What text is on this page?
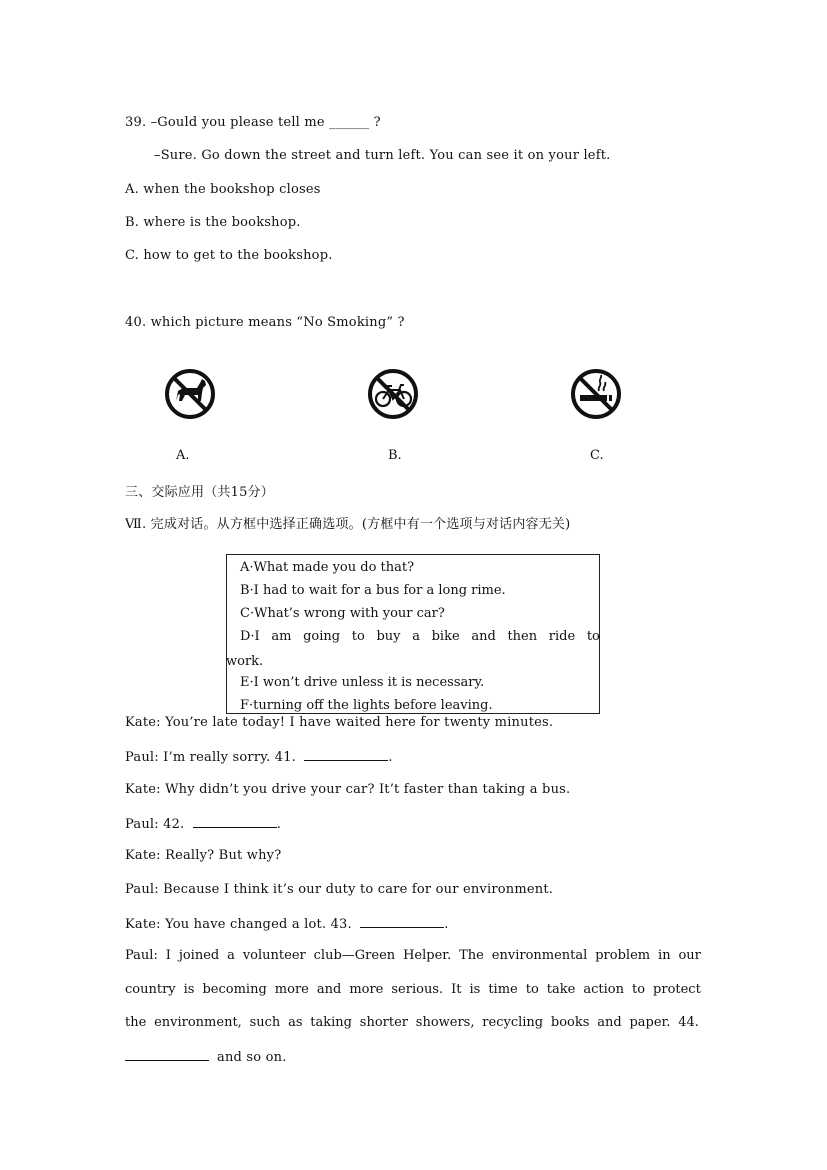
39. –Gould you please tell me ______ ?
–Sure. Go down the street and turn left. You can see it on your left.
A. when the bookshop closes
B. where is the bookshop.
C. how to get to the bookshop.
40. which picture means “No Smoking” ?
A.	B.	C.
三、交际应用（共15分）
Ⅶ. 完成对话。从方框中选择正确选项。(方框中有一个选项与对话内容无关)
A·What made you do that?
B·I had to wait for a bus for a long rime.
C·What’s wrong with your car?
D·I am going to buy a bike and then ride to
work.
E·I won’t drive unless it is necessary.
F·turning off the lights before leaving.
Kate: You’re late today! I have waited here for twenty minutes.
Paul: I’m really sorry. 41.	.
Kate: Why didn’t you drive your car? It’t faster than taking a bus.
Paul: 42.	.
Kate: Really? But why?
Paul: Because I think it’s our duty to care for our environment.
Kate: You have changed a lot. 43.	.
Paul: I joined a volunteer club—Green Helper. The environmental problem in our
country is becoming more and more serious. It is time to take action to protect
the environment, such as taking shorter showers, recycling books and paper. 44.
and so on.
